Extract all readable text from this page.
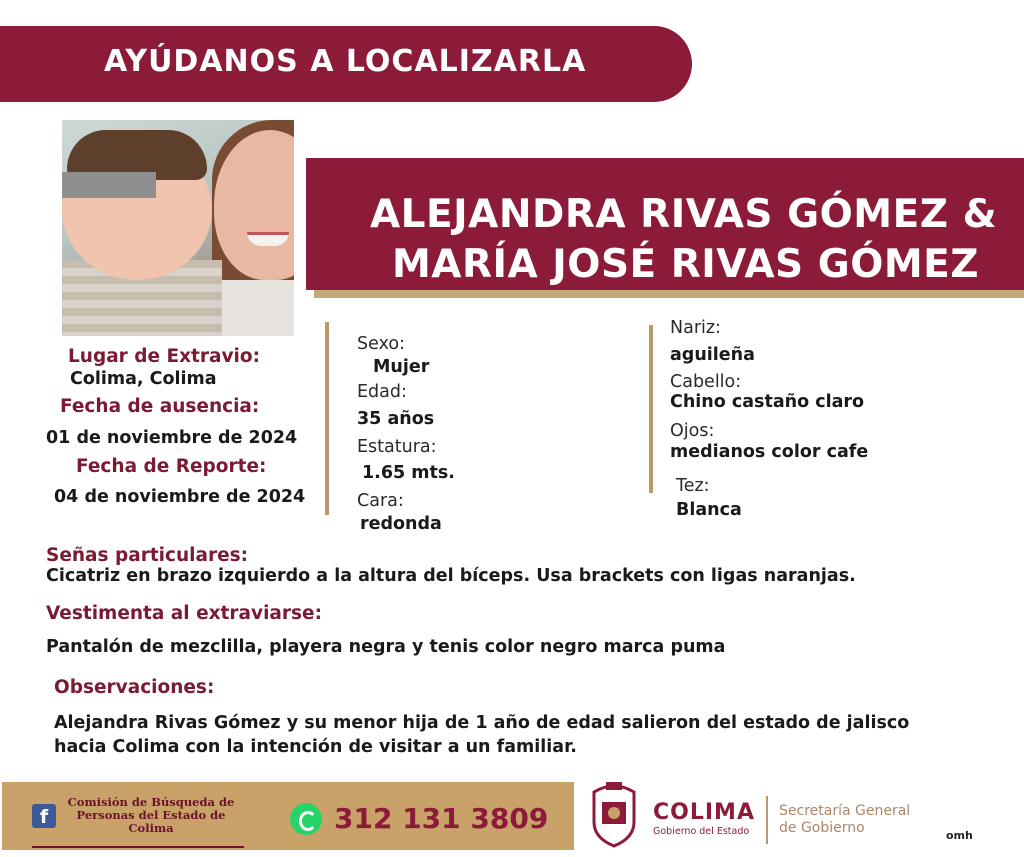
AYÚDANOS A LOCALIZARLA
ALEJANDRA RIVAS GÓMEZ &
MARÍA JOSÉ RIVAS GÓMEZ
Lugar de Extravio:
Colima, Colima
Fecha de ausencia:
01 de noviembre de 2024
Fecha de Reporte:
04 de noviembre de 2024
Sexo:
Mujer
Edad:
35 años
Estatura:
1.65 mts.
Cara:
redonda
Nariz:
aguileña
Cabello:
Chino castaño claro
Ojos:
medianos color cafe
Tez:
Blanca
Señas particulares:
Cicatriz en brazo izquierdo a la altura del bíceps. Usa brackets con ligas naranjas.
Vestimenta al extraviarse:
Pantalón de mezclilla, playera negra y tenis color negro marca puma
Observaciones:
Alejandra Rivas Gómez y su menor hija de 1 año de edad salieron del estado de jalisco
hacia Colima con la intención de visitar a un familiar.
f
Comisión de Búsqueda de
Personas del Estado de
Colima	312 131 3809	COLIMA
Gobierno del Estado
Secretaría General
de Gobierno	omh
